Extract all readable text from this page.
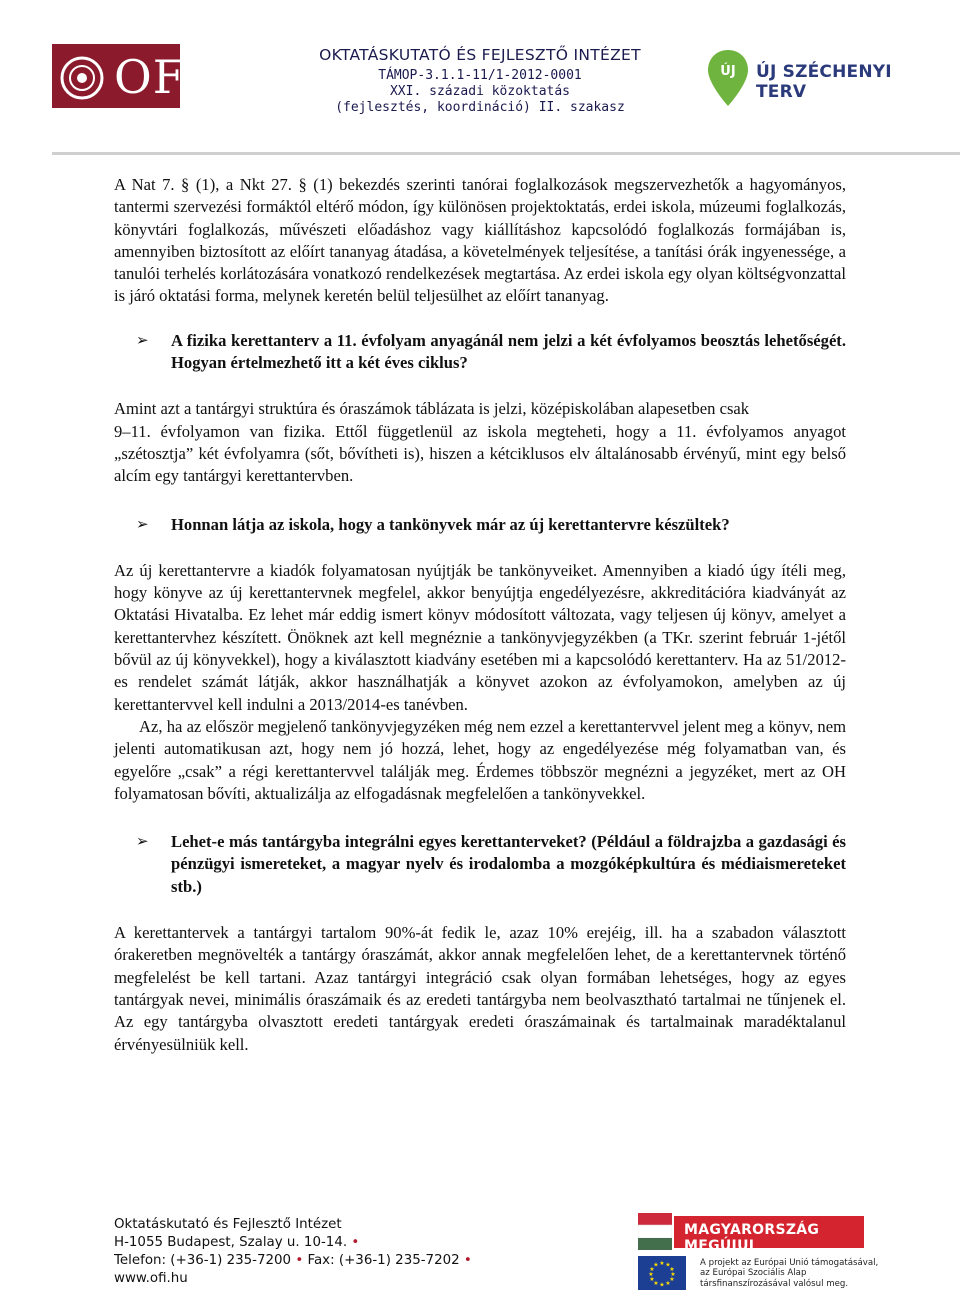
OFI	OKTATÁSKUTATÓ ÉS FEJLESZTŐ INTÉZET
TÁMOP-3.1.1-11/1-2012-0001
XXI. századi közoktatás
(fejlesztés, koordináció) II. szakasz
ÚJ ÚJ SZÉCHENYI TERV

A Nat 7. § (1), a Nkt 27. § (1) bekezdés szerinti tanórai foglalkozások megszervezhetők a hagyományos, tantermi szervezési formáktól eltérő módon, így különösen projektoktatás, erdei iskola, múzeumi foglalkozás, könyvtári foglalkozás, művészeti előadáshoz vagy kiállításhoz kapcsolódó foglalkozás formájában is, amennyiben biztosított az előírt tananyag átadása, a követelmények teljesítése, a tanítási órák ingyenessége, a tanulói terhelés korlátozására vonatkozó rendelkezések megtartása. Az erdei iskola egy olyan költségvonzattal is járó oktatási forma, melynek keretén belül teljesülhet az előírt tananyag.

➢ A fizika kerettanterv a 11. évfolyam anyagánál nem jelzi a két évfolyamos beosztás lehetőségét. Hogyan értelmezhető itt a két éves ciklus?

Amint azt a tantárgyi struktúra és óraszámok táblázata is jelzi, középiskolában alapesetben csak
9–11. évfolyamon van fizika. Ettől függetlenül az iskola megteheti, hogy a 11. évfolyamos anyagot „szétosztja” két évfolyamra (sőt, bővítheti is), hiszen a kétciklusos elv általánosabb érvényű, mint egy belső alcím egy tantárgyi kerettantervben.

➢ Honnan látja az iskola, hogy a tankönyvek már az új kerettantervre készültek?

Az új kerettantervre a kiadók folyamatosan nyújtják be tankönyveiket. Amennyiben a kiadó úgy ítéli meg, hogy könyve az új kerettantervnek megfelel, akkor benyújtja engedélyezésre, akkreditációra kiadványát az Oktatási Hivatalba. Ez lehet már eddig ismert könyv módosított változata, vagy teljesen új könyv, amelyet a kerettantervhez készített. Önöknek azt kell megnéznie a tankönyvjegyzékben (a TKr. szerint február 1-jétől bővül az új könyvekkel), hogy a kiválasztott kiadvány esetében mi a kapcsolódó kerettanterv. Ha az 51/2012-es rendelet számát látják, akkor használhatják a könyvet azokon az évfolyamokon, amelyben az új kerettantervvel kell indulni a 2013/2014-es tanévben.

Az, ha az először megjelenő tankönyvjegyzéken még nem ezzel a kerettantervvel jelent meg a könyv, nem jelenti automatikusan azt, hogy nem jó hozzá, lehet, hogy az engedélyezése még folyamatban van, és egyelőre „csak” a régi kerettantervvel találják meg. Érdemes többször megnézni a jegyzéket, mert az OH folyamatosan bővíti, aktualizálja az elfogadásnak megfelelően a tankönyvekkel.

➢ Lehet-e más tantárgyba integrálni egyes kerettanterveket? (Például a földrajzba a gazdasági és pénzügyi ismereteket, a magyar nyelv és irodalomba a mozgóképkultúra és médiaismereteket stb.)

A kerettantervek a tantárgyi tartalom 90%-át fedik le, azaz 10% erejéig, ill. ha a szabadon választott órakeretben megnövelték a tantárgy óraszámát, akkor annak megfelelően lehet, de a kerettantervnek történő megfelelést be kell tartani. Azaz tantárgyi integráció csak olyan formában lehetséges, hogy az egyes tantárgyak nevei, minimális óraszámaik és az eredeti tantárgyba nem beolvasztható tartalmai ne tűnjenek el. Az egy tantárgyba olvasztott eredeti tantárgyak eredeti óraszámainak és tartalmainak maradéktalanul érvényesülniük kell.

Oktatáskutató és Fejlesztő Intézet
H-1055 Budapest, Szalay u. 10-14. •
Telefon: (+36-1) 235-7200 • Fax: (+36-1) 235-7202 •
www.ofi.hu
MAGYARORSZÁG MEGÚJUL
★ ★
★
★
★
★
★
★
★
★
★
★	A projekt az Európai Unió támogatásával,
az Európai Szociális Alap
társfinanszírozásával valósul meg.
